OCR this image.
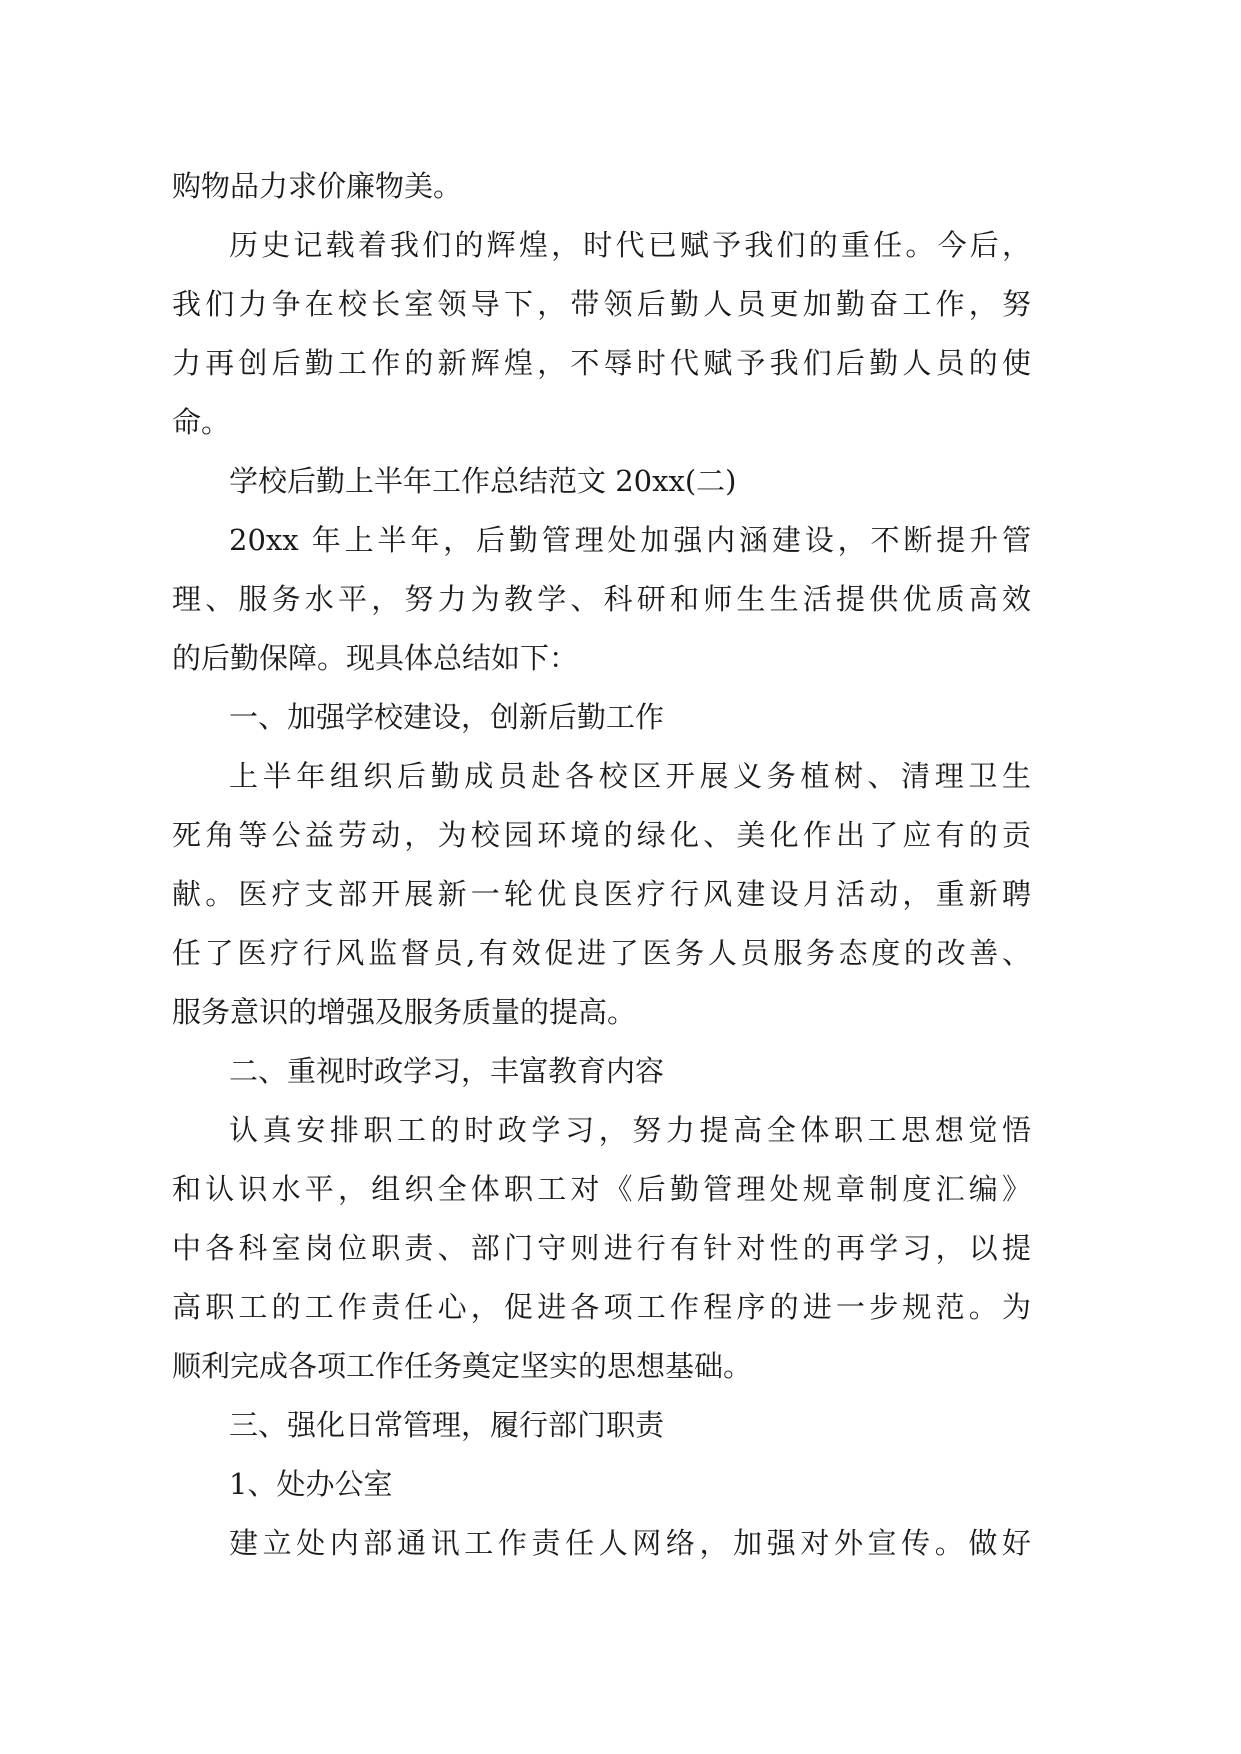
购物品力求价廉物美。

历史记载着我们的辉煌，时代已赋予我们的重任。今后，

我们力争在校长室领导下，带领后勤人员更加勤奋工作，努

力再创后勤工作的新辉煌，不辱时代赋予我们后勤人员的使

命。

学校后勤上半年工作总结范文 20xx(二)

20xx 年上半年，后勤管理处加强内涵建设，不断提升管

理、服务水平，努力为教学、科研和师生生活提供优质高效

的后勤保障。现具体总结如下：

一、加强学校建设，创新后勤工作

上半年组织后勤成员赴各校区开展义务植树、清理卫生

死角等公益劳动，为校园环境的绿化、美化作出了应有的贡

献。医疗支部开展新一轮优良医疗行风建设月活动，重新聘

任了医疗行风监督员,有效促进了医务人员服务态度的改善、

服务意识的增强及服务质量的提高。

二、重视时政学习，丰富教育内容

认真安排职工的时政学习，努力提高全体职工思想觉悟

和认识水平，组织全体职工对《后勤管理处规章制度汇编》

中各科室岗位职责、部门守则进行有针对性的再学习，以提

高职工的工作责任心，促进各项工作程序的进一步规范。为

顺利完成各项工作任务奠定坚实的思想基础。

三、强化日常管理，履行部门职责

1、处办公室

建立处内部通讯工作责任人网络，加强对外宣传。做好
